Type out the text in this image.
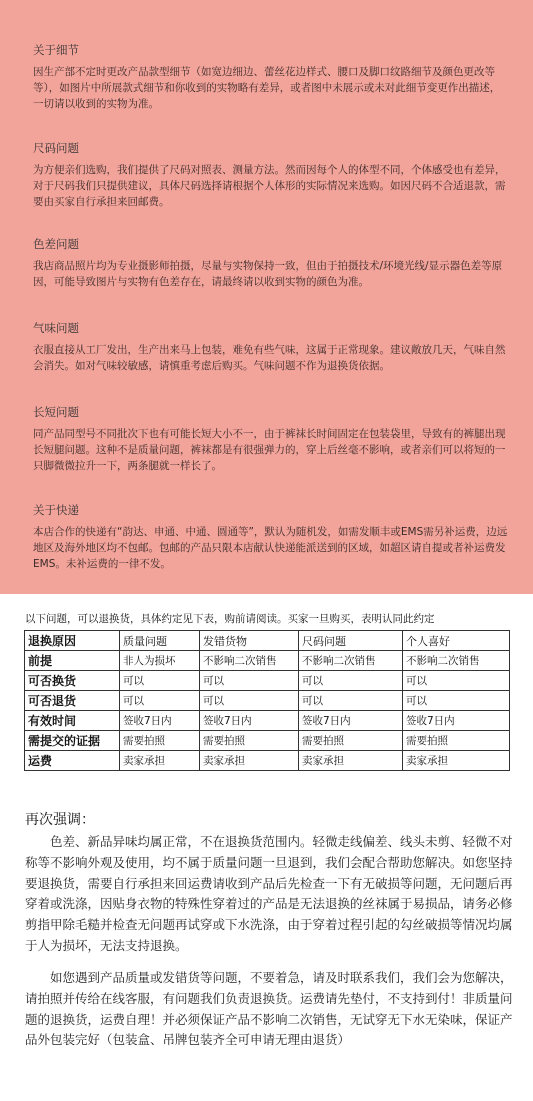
关于细节

因生产部不定时更改产品款型细节（如宽边细边、蕾丝花边样式、腰口及脚口纹路细节及颜色更改等等），如图片中所展款式细节和你收到的实物略有差异，或者图中未展示或未对此细节变更作出描述，一切请以收到的实物为准。

尺码问题

为方便亲们选购，我们提供了尺码对照表、测量方法。然而因每个人的体型不同，个体感受也有差异，对于尺码我们只提供建议，具体尺码选择请根据个人体形的实际情况来选购。如因尺码不合适退款，需要由买家自行承担来回邮费。

色差问题

我店商品照片均为专业摄影师拍摄，尽量与实物保持一致，但由于拍摄技术/环境光线/显示器色差等原因，可能导致图片与实物有色差存在，请最终请以收到实物的颜色为准。

气味问题

衣服直接从工厂发出，生产出来马上包装，难免有些气味，这属于正常现象。建议敞放几天，气味自然会消失。如对气味较敏感，请慎重考虑后购买。气味问题不作为退换货依据。

长短问题

同产品同型号不同批次下也有可能长短大小不一，由于裤袜长时间固定在包装袋里，导致有的裤腿出现长短腿问题。这种不是质量问题，裤袜都是有很强弹力的，穿上后丝毫不影响，或者亲们可以将短的一只脚微微拉升一下，两条腿就一样长了。

关于快递

本店合作的快递有“韵达、申通、中通、圆通等”，默认为随机发，如需发顺丰或EMS需另补运费，边远地区及海外地区均不包邮。包邮的产品只限本店献认快递能派送到的区域，如超区请自提或者补运费发EMS。未补运费的一律不发。

以下问题，可以退换货，具体约定见下表，购前请阅读。买家一旦购买，表明认同此约定
退换原因	质量问题	发错货物	尺码问题	个人喜好
前提	非人为损坏	不影响二次销售	不影响二次销售	不影响二次销售
可否换货	可以	可以	可以	可以
可否退货	可以	可以	可以	可以
有效时间	签收7日内	签收7日内	签收7日内	签收7日内
需提交的证据	需要拍照	需要拍照	需要拍照	需要拍照
运费	卖家承担	卖家承担	卖家承担	卖家承担
再次强调：

色差、新品异味均属正常，不在退换货范围内。轻微走线偏差、线头未剪、轻微不对称等不影响外观及使用，均不属于质量问题一旦退到，我们会配合帮助您解决。如您坚持要退换货，需要自行承担来回运费请收到产品后先检查一下有无破损等问题，无问题后再穿着或洗涤，因贴身衣物的特殊性穿着过的产品是无法退换的丝袜属于易损品，请务必修剪指甲除毛糙并检查无问题再试穿或下水洗涤，由于穿着过程引起的勾丝破损等情况均属于人为损坏，无法支持退换。

如您遇到产品质量或发错货等问题，不要着急，请及时联系我们，我们会为您解决，请拍照并传给在线客服，有问题我们负责退换货。运费请先垫付，不支持到付！非质量问题的退换货，运费自理！并必须保证产品不影响二次销售，无试穿无下水无染味，保证产品外包装完好（包装盒、吊牌包装齐全可申请无理由退货）
